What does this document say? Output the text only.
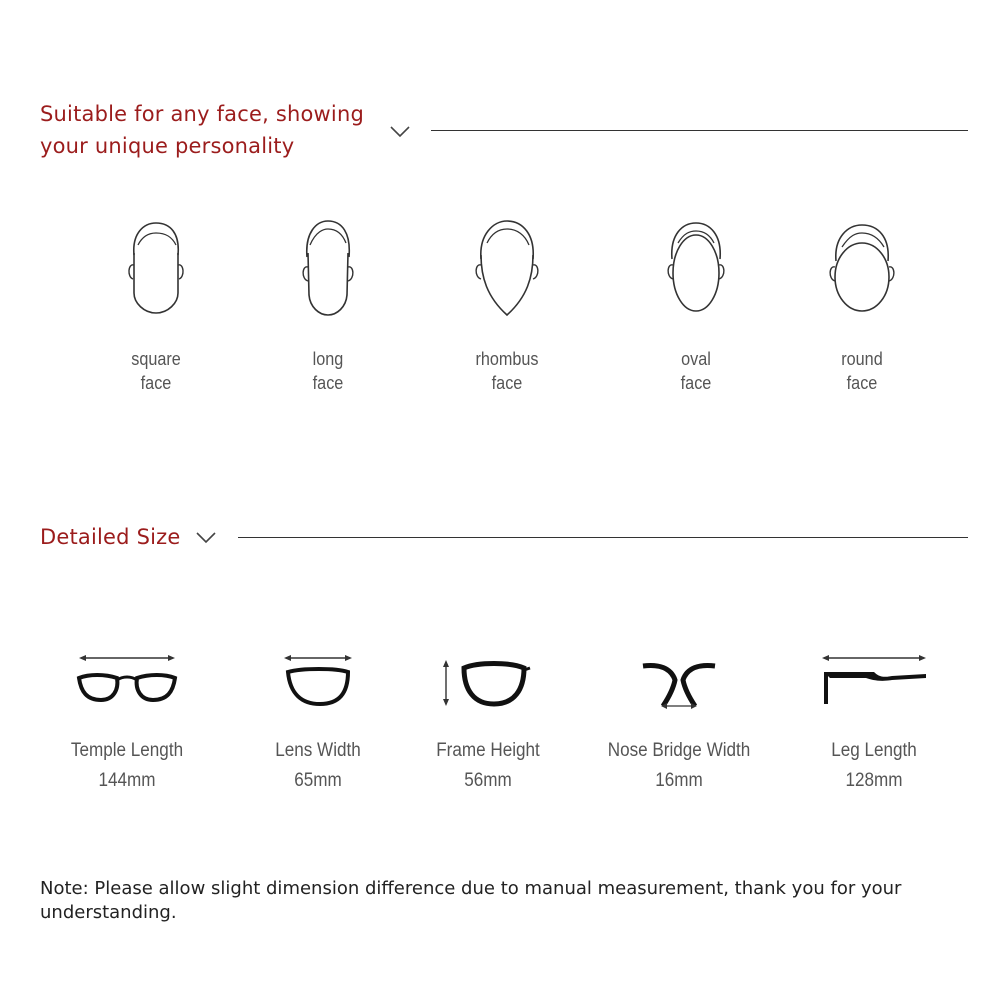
Suitable for any face, showing
your unique personality
square
face
long
face
rhombus
face
oval
face
round
face
Detailed Size
Temple Length
144mm
Lens Width
65mm
Frame Height
56mm
Nose Bridge Width
16mm
Leg Length
128mm
Note: Please allow slight dimension difference due to manual measurement, thank you for your understanding.
